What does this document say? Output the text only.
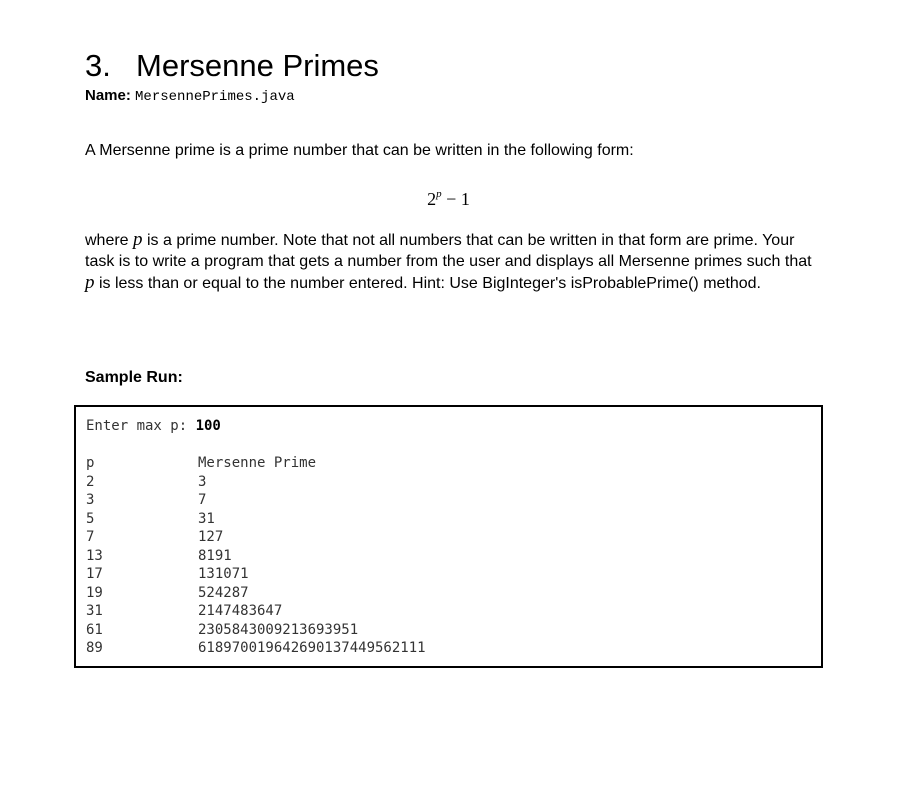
3. Mersenne Primes
Name: MersennePrimes.java

A Mersenne prime is a prime number that can be written in the following form:

$2^p - 1$

where p is a prime number. Note that not all numbers that can be written in that form are prime. Your task is to write a program that gets a number from the user and displays all Mersenne primes such that p is less than or equal to the number entered. Hint: Use BigInteger's isProbablePrime() method.

Sample Run:
Enter max p: 100
p	Mersenne Prime
2	3
3	7
5	31
7	127
13	8191
17	131071
19	524287
31	2147483647
61	2305843009213693951
89	618970019642690137449562111
